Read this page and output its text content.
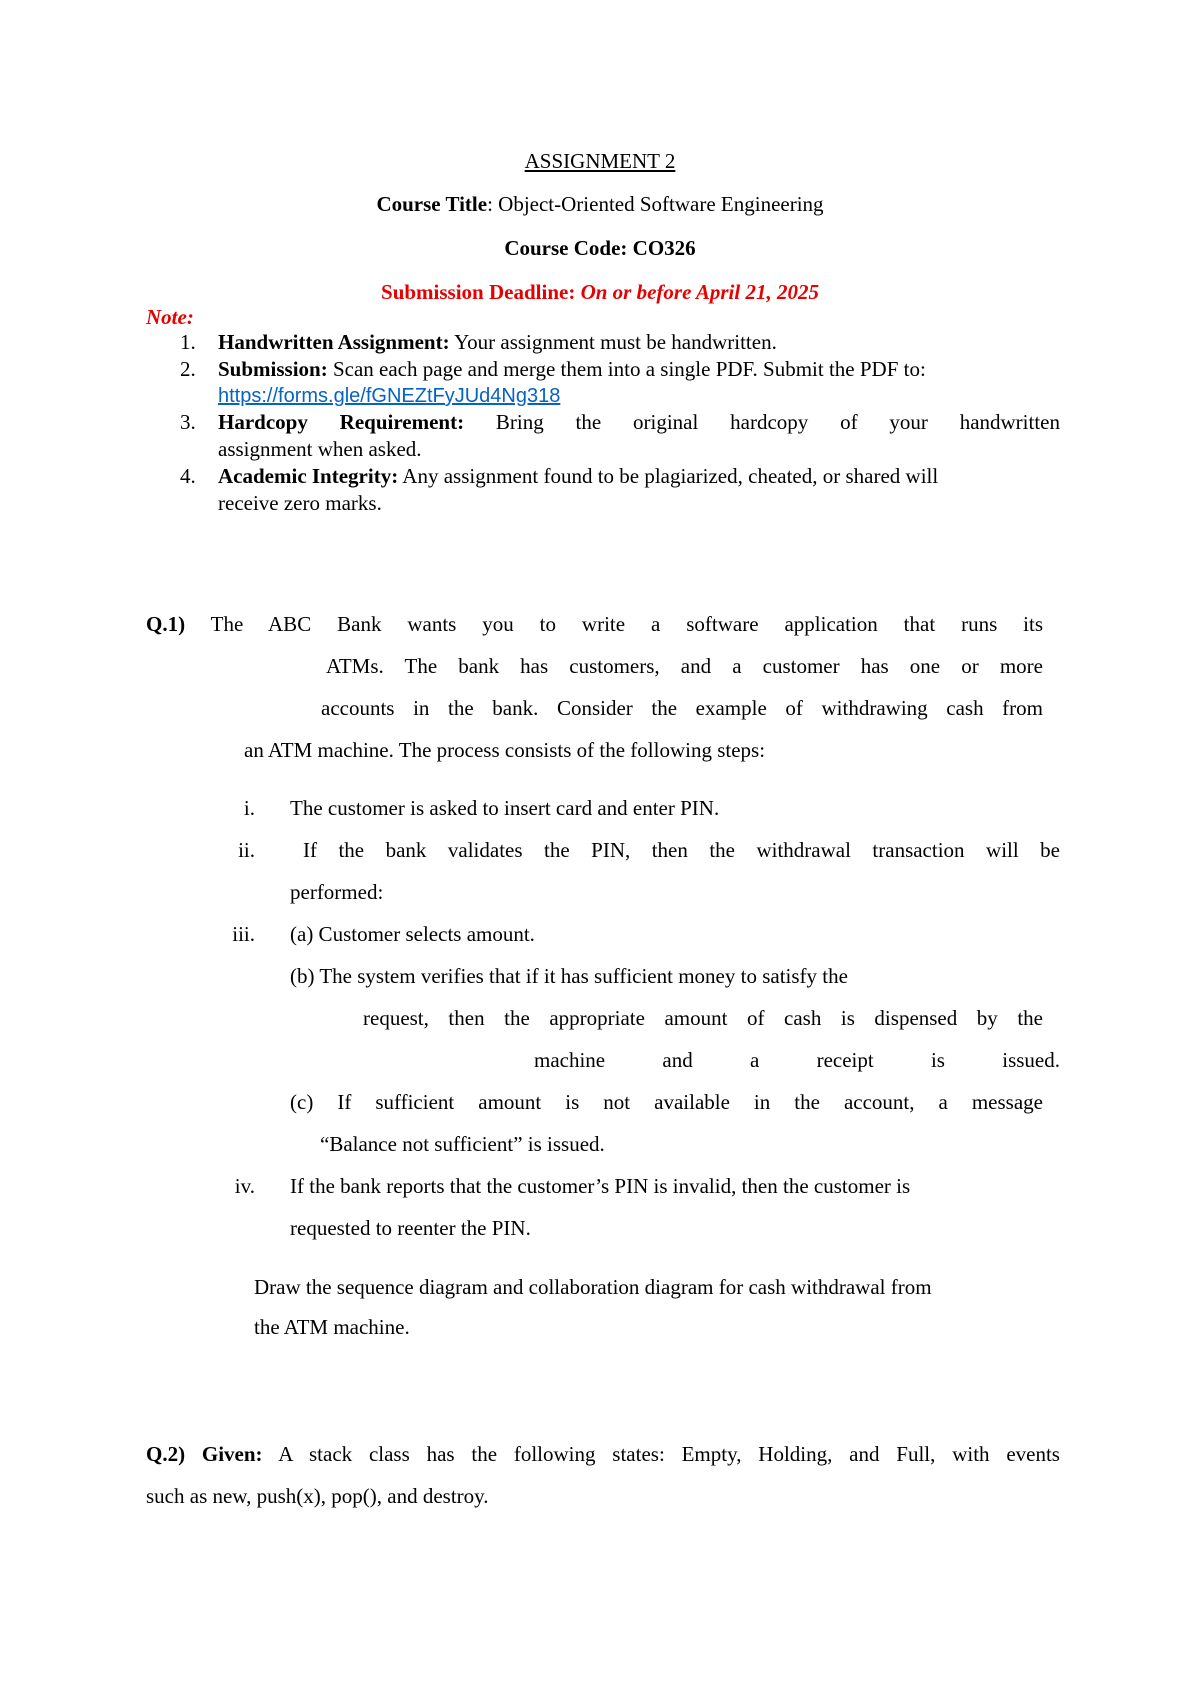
ASSIGNMENT 2
Course Title: Object-Oriented Software Engineering
Course Code: CO326
Submission Deadline: On or before April 21, 2025
Note:
1. Handwritten Assignment: Your assignment must be handwritten.
2. Submission: Scan each page and merge them into a single PDF. Submit the PDF to:
https://forms.gle/fGNEZtFyJUd4Ng318
3. Hardcopy Requirement: Bring the original hardcopy of your handwritten
assignment when asked.
4. Academic Integrity: Any assignment found to be plagiarized, cheated, or shared will
receive zero marks.
Q.1) The ABC Bank wants you to write a software application that runs its
ATMs. The bank has customers, and a customer has one or more
accounts in the bank. Consider the example of withdrawing cash from
an ATM machine. The process consists of the following steps:
i. The customer is asked to insert card and enter PIN.
ii. If the bank validates the PIN, then the withdrawal transaction will be
performed:
iii. (a) Customer selects amount.
(b) The system verifies that if it has sufficient money to satisfy the
request, then the appropriate amount of cash is dispensed by the
machine and a receipt is issued.
(c) If sufficient amount is not available in the account, a message
“Balance not sufficient” is issued.
iv. If the bank reports that the customer’s PIN is invalid, then the customer is
requested to reenter the PIN.
Draw the sequence diagram and collaboration diagram for cash withdrawal from
the ATM machine.
Q.2) Given: A stack class has the following states: Empty, Holding, and Full, with events
such as new, push(x), pop(), and destroy.
